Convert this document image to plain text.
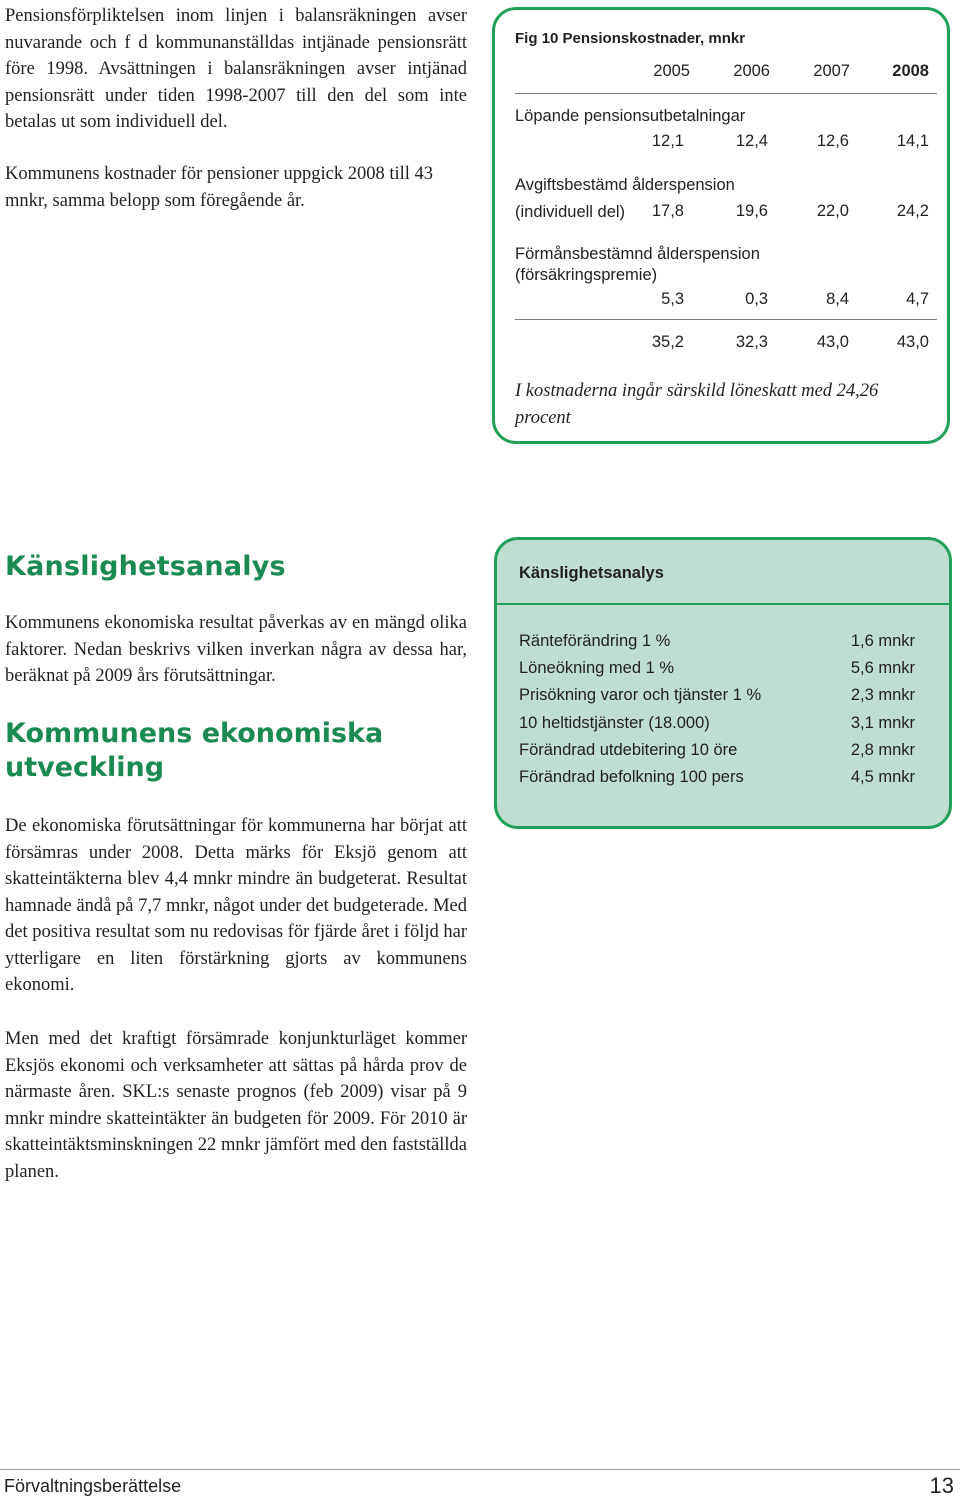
Pensionsförpliktelsen inom linjen i balansräkningen avser nuvarande och f d kommunanställdas intjänade pensionsrätt före 1998. Avsättningen i balansräkningen avser intjänad pensionsrätt under tiden 1998-2007 till den del som inte betalas ut som individuell del.

Kommunens kostnader för pensioner uppgick 2008 till 43 mnkr, samma belopp som föregående år.

Känslighetsanalys

Kommunens ekonomiska resultat påverkas av en mängd olika faktorer. Nedan beskrivs vilken inverkan några av dessa har, beräknat på 2009 års förutsättningar.

Kommunens ekonomiska utveckling

De ekonomiska förutsättningar för kommunerna har börjat att försämras under 2008. Detta märks för Eksjö genom att skatteintäkterna blev 4,4 mnkr mindre än budgeterat. Resultat hamnade ändå på 7,7 mnkr, något under det budgeterade. Med det positiva resultat som nu redovisas för fjärde året i följd har ytterligare en liten förstärkning gjorts av kommunens ekonomi.

Men med det kraftigt försämrade konjunkturläget kommer Eksjös ekonomi och verksamheter att sättas på hårda prov de närmaste åren. SKL:s senaste prognos (feb 2009) visar på 9 mnkr mindre skatteintäkter än budgeten för 2009. För 2010 är skatteintäktsminskningen 22 mnkr jämfört med den fastställda planen.

Fig 10 Pensionskostnader, mnkr
2005	2006	2007	2008
Löpande pensionsutbetalningar
12,1	12,4	12,6	14,1
Avgiftsbestämd ålderspension
(individuell del)	17,8	19,6	22,0	24,2
Förmånsbestämnd ålderspension
(försäkringspremie)
5,3	0,3	8,4	4,7
35,2	32,3	43,0	43,0
I kostnaderna ingår särskild löneskatt med 24,26 procent
Känslighetsanalys
Ränteförändring 1 %	1,6 mnkr
Löneökning med 1 %	5,6 mnkr
Prisökning varor och tjänster 1 %	2,3 mnkr
10 heltidstjänster (18.000)	3,1 mnkr
Förändrad utdebitering 10 öre	2,8 mnkr
Förändrad befolkning 100 pers	4,5 mnkr
Förvaltningsberättelse	13
